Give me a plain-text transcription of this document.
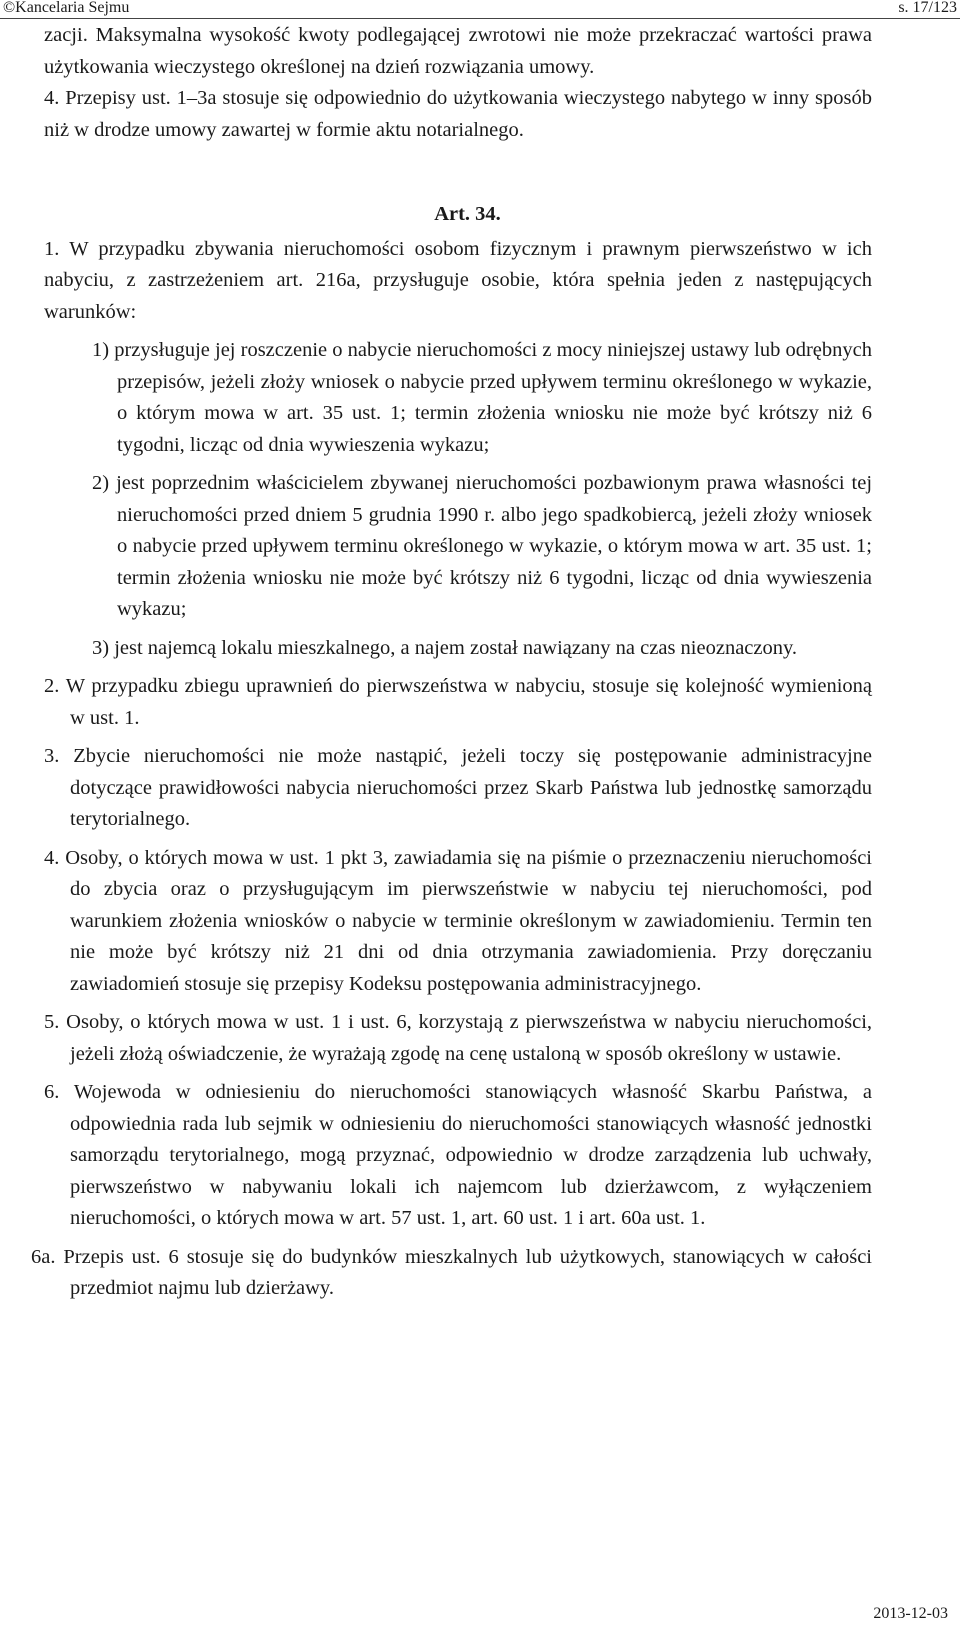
©Kancelaria Sejmu	s. 17/123

zacji. Maksymalna wysokość kwoty podlegającej zwrotowi nie może przekraczać wartości prawa użytkowania wieczystego określonej na dzień rozwiązania umowy.

4. Przepisy ust. 1–3a stosuje się odpowiednio do użytkowania wieczystego nabytego w inny sposób niż w drodze umowy zawartej w formie aktu notarialnego.

Art. 34.

1. W przypadku zbywania nieruchomości osobom fizycznym i prawnym pierwszeństwo w ich nabyciu, z zastrzeżeniem art. 216a, przysługuje osobie, która spełnia jeden z następujących warunków:

1) przysługuje jej roszczenie o nabycie nieruchomości z mocy niniejszej ustawy lub odrębnych przepisów, jeżeli złoży wniosek o nabycie przed upływem terminu określonego w wykazie, o którym mowa w art. 35 ust. 1; termin złożenia wniosku nie może być krótszy niż 6 tygodni, licząc od dnia wywieszenia wykazu;

2) jest poprzednim właścicielem zbywanej nieruchomości pozbawionym prawa własności tej nieruchomości przed dniem 5 grudnia 1990 r. albo jego spadkobiercą, jeżeli złoży wniosek o nabycie przed upływem terminu określonego w wykazie, o którym mowa w art. 35 ust. 1; termin złożenia wniosku nie może być krótszy niż 6 tygodni, licząc od dnia wywieszenia wykazu;

3) jest najemcą lokalu mieszkalnego, a najem został nawiązany na czas nieoznaczony.

2. W przypadku zbiegu uprawnień do pierwszeństwa w nabyciu, stosuje się kolejność wymienioną w ust. 1.

3. Zbycie nieruchomości nie może nastąpić, jeżeli toczy się postępowanie administracyjne dotyczące prawidłowości nabycia nieruchomości przez Skarb Państwa lub jednostkę samorządu terytorialnego.

4. Osoby, o których mowa w ust. 1 pkt 3, zawiadamia się na piśmie o przeznaczeniu nieruchomości do zbycia oraz o przysługującym im pierwszeństwie w nabyciu tej nieruchomości, pod warunkiem złożenia wniosków o nabycie w terminie określonym w zawiadomieniu. Termin ten nie może być krótszy niż 21 dni od dnia otrzymania zawiadomienia. Przy doręczaniu zawiadomień stosuje się przepisy Kodeksu postępowania administracyjnego.

5. Osoby, o których mowa w ust. 1 i ust. 6, korzystają z pierwszeństwa w nabyciu nieruchomości, jeżeli złożą oświadczenie, że wyrażają zgodę na cenę ustaloną w sposób określony w ustawie.

6. Wojewoda w odniesieniu do nieruchomości stanowiących własność Skarbu Państwa, a odpowiednia rada lub sejmik w odniesieniu do nieruchomości stanowiących własność jednostki samorządu terytorialnego, mogą przyznać, odpowiednio w drodze zarządzenia lub uchwały, pierwszeństwo w nabywaniu lokali ich najemcom lub dzierżawcom, z wyłączeniem nieruchomości, o których mowa w art. 57 ust. 1, art. 60 ust. 1 i art. 60a ust. 1.

6a. Przepis ust. 6 stosuje się do budynków mieszkalnych lub użytkowych, stanowiących w całości przedmiot najmu lub dzierżawy.

2013-12-03
